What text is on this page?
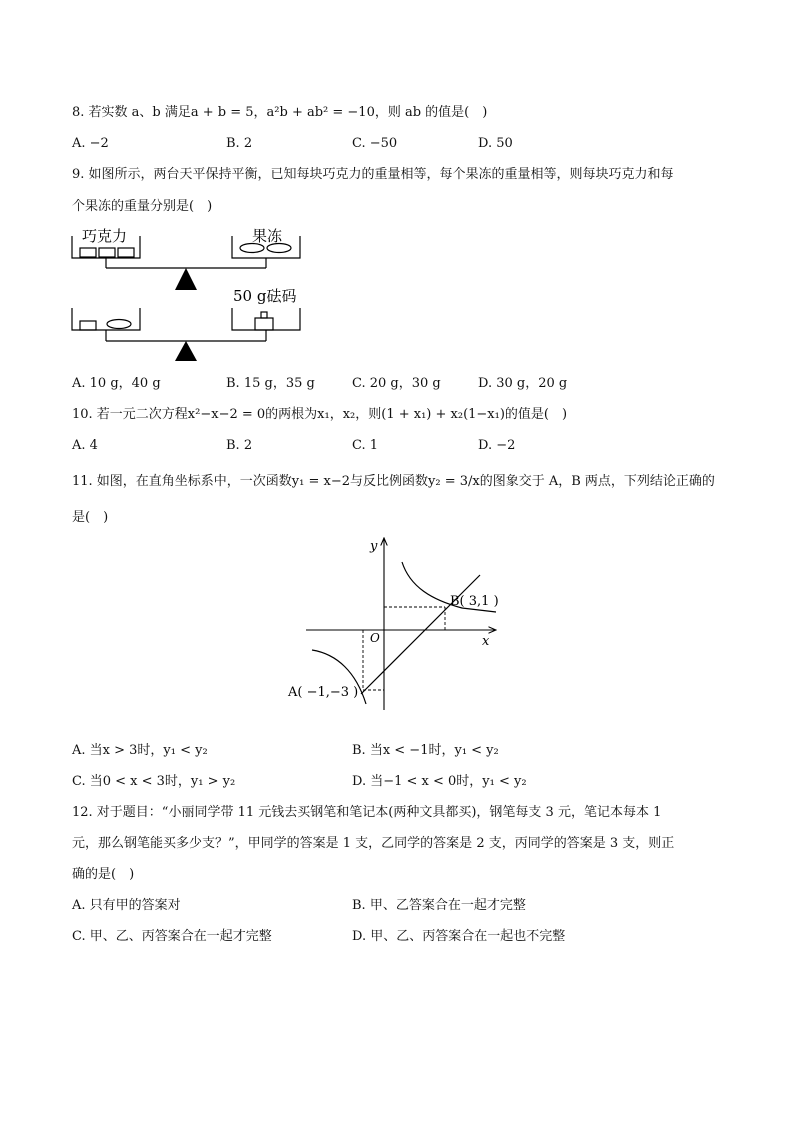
8. 若实数 a、b 满足a + b = 5，a²b + ab² = −10，则 ab 的值是(　)
A. −2	B. 2	C. −50	D. 50
9. 如图所示，两台天平保持平衡，已知每块巧克力的重量相等，每个果冻的重量相等，则每块巧克力和每
个果冻的重量分别是(　)
巧克力	果冻
50 g砝码
A. 10 g，40 g	B. 15 g，35 g	C. 20 g，30 g	D. 30 g，20 g
10. 若一元二次方程x²−x−2 = 0的两根为x₁，x₂，则(1 + x₁) + x₂(1−x₁)的值是(　)
A. 4	B. 2	C. 1	D. −2
11. 如图，在直角坐标系中，一次函数y₁ = x−2与反比例函数y₂ = 3/x的图象交于 A，B 两点，下列结论正确的
是(　)
x
y
O
B( 3,1 )
A( −1,−3 )
A. 当x > 3时，y₁ < y₂	B. 当x < −1时，y₁ < y₂
C. 当0 < x < 3时，y₁ > y₂	D. 当−1 < x < 0时，y₁ < y₂
12. 对于题目：“小丽同学带 11 元钱去买钢笔和笔记本(两种文具都买)，钢笔每支 3 元，笔记本每本 1
元，那么钢笔能买多少支？”，甲同学的答案是 1 支，乙同学的答案是 2 支，丙同学的答案是 3 支，则正
确的是(　)
A. 只有甲的答案对	B. 甲、乙答案合在一起才完整
C. 甲、乙、丙答案合在一起才完整	D. 甲、乙、丙答案合在一起也不完整
